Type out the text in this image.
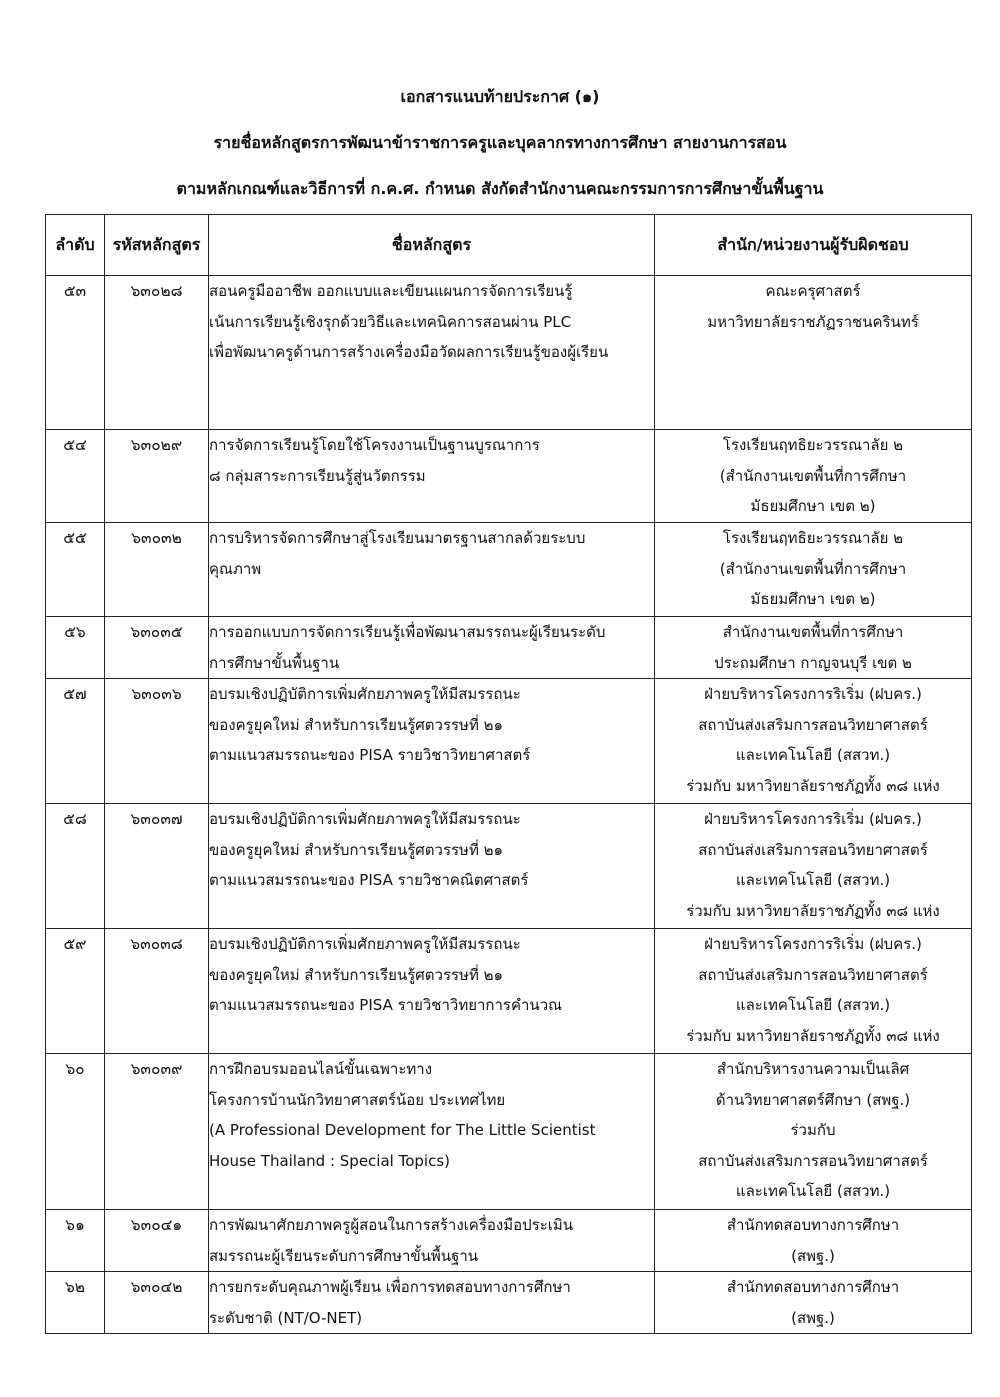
เอกสารแนบท้ายประกาศ (๑)
รายชื่อหลักสูตรการพัฒนาข้าราชการครูและบุคลากรทางการศึกษา สายงานการสอน
ตามหลักเกณฑ์และวิธีการที่ ก.ค.ศ. กำหนด สังกัดสำนักงานคณะกรรมการการศึกษาขั้นพื้นฐาน
ลำดับ	รหัสหลักสูตร	ชื่อหลักสูตร	สำนัก/หน่วยงานผู้รับผิดชอบ
๕๓	๖๓๐๒๘	สอนครูมืออาชีพ ออกแบบและเขียนแผนการจัดการเรียนรู้
เน้นการเรียนรู้เชิงรุกด้วยวิธีและเทคนิคการสอนผ่าน PLC
เพื่อพัฒนาครูด้านการสร้างเครื่องมือวัดผลการเรียนรู้ของผู้เรียน	คณะครุศาสตร์
มหาวิทยาลัยราชภัฏราชนครินทร์

๕๔	๖๓๐๒๙	การจัดการเรียนรู้โดยใช้โครงงานเป็นฐานบูรณาการ
๘ กลุ่มสาระการเรียนรู้สู่นวัตกรรม	โรงเรียนฤทธิยะวรรณาลัย ๒
(สำนักงานเขตพื้นที่การศึกษา
มัธยมศึกษา เขต ๒)

๕๕	๖๓๐๓๒	การบริหารจัดการศึกษาสู่โรงเรียนมาตรฐานสากลด้วยระบบ
คุณภาพ	โรงเรียนฤทธิยะวรรณาลัย ๒
(สำนักงานเขตพื้นที่การศึกษา
มัธยมศึกษา เขต ๒)

๕๖	๖๓๐๓๕	การออกแบบการจัดการเรียนรู้เพื่อพัฒนาสมรรถนะผู้เรียนระดับ
การศึกษาขั้นพื้นฐาน	สำนักงานเขตพื้นที่การศึกษา
ประถมศึกษา กาญจนบุรี เขต ๒

๕๗	๖๓๐๓๖	อบรมเชิงปฏิบัติการเพิ่มศักยภาพครูให้มีสมรรถนะ
ของครูยุคใหม่ สำหรับการเรียนรู้ศตวรรษที่ ๒๑
ตามแนวสมรรถนะของ PISA รายวิชาวิทยาศาสตร์	ฝ่ายบริหารโครงการริเริ่ม (ฝบคร.)
สถาบันส่งเสริมการสอนวิทยาศาสตร์
และเทคโนโลยี (สสวท.)
ร่วมกับ มหาวิทยาลัยราชภัฏทั้ง ๓๘ แห่ง

๕๘	๖๓๐๓๗	อบรมเชิงปฏิบัติการเพิ่มศักยภาพครูให้มีสมรรถนะ
ของครูยุคใหม่ สำหรับการเรียนรู้ศตวรรษที่ ๒๑
ตามแนวสมรรถนะของ PISA รายวิชาคณิตศาสตร์	ฝ่ายบริหารโครงการริเริ่ม (ฝบคร.)
สถาบันส่งเสริมการสอนวิทยาศาสตร์
และเทคโนโลยี (สสวท.)
ร่วมกับ มหาวิทยาลัยราชภัฏทั้ง ๓๘ แห่ง

๕๙	๖๓๐๓๘	อบรมเชิงปฏิบัติการเพิ่มศักยภาพครูให้มีสมรรถนะ
ของครูยุคใหม่ สำหรับการเรียนรู้ศตวรรษที่ ๒๑
ตามแนวสมรรถนะของ PISA รายวิชาวิทยาการคำนวณ	ฝ่ายบริหารโครงการริเริ่ม (ฝบคร.)
สถาบันส่งเสริมการสอนวิทยาศาสตร์
และเทคโนโลยี (สสวท.)
ร่วมกับ มหาวิทยาลัยราชภัฏทั้ง ๓๘ แห่ง

๖๐	๖๓๐๓๙	การฝึกอบรมออนไลน์ขั้นเฉพาะทาง
โครงการบ้านนักวิทยาศาสตร์น้อย ประเทศไทย
(A Professional Development for The Little Scientist
House Thailand : Special Topics)	สำนักบริหารงานความเป็นเลิศ
ด้านวิทยาศาสตร์ศึกษา (สพฐ.)
ร่วมกับ
สถาบันส่งเสริมการสอนวิทยาศาสตร์
และเทคโนโลยี (สสวท.)

๖๑	๖๓๐๔๑	การพัฒนาศักยภาพครูผู้สอนในการสร้างเครื่องมือประเมิน
สมรรถนะผู้เรียนระดับการศึกษาขั้นพื้นฐาน	สำนักทดสอบทางการศึกษา
(สพฐ.)

๖๒	๖๓๐๔๒	การยกระดับคุณภาพผู้เรียน เพื่อการทดสอบทางการศึกษา
ระดับชาติ (NT/O-NET)	สำนักทดสอบทางการศึกษา
(สพฐ.)
